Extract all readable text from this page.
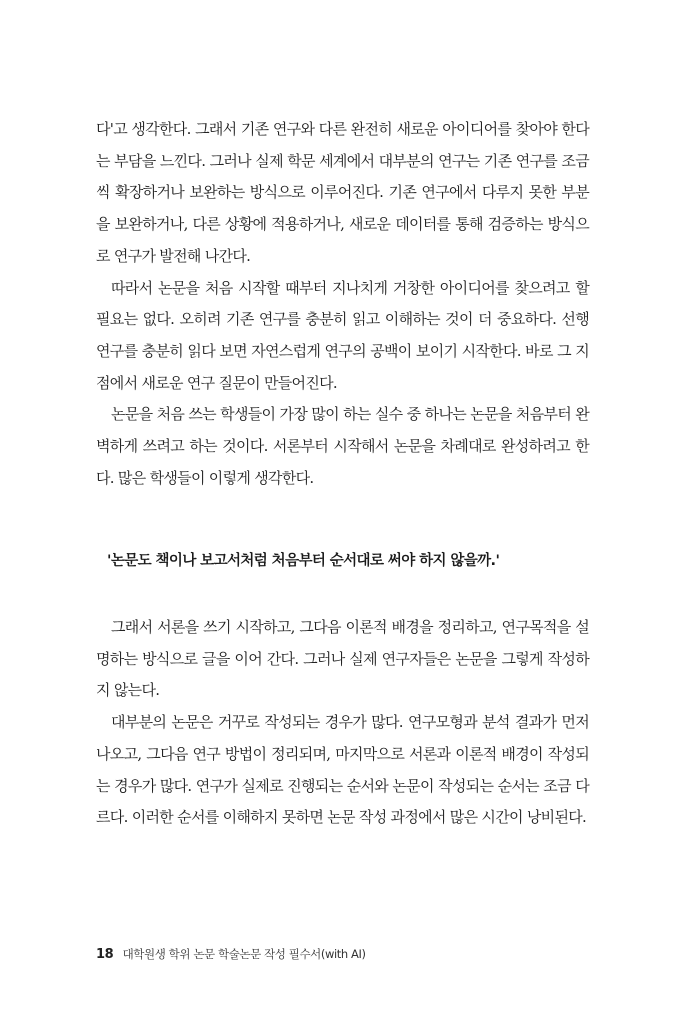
다'고 생각한다. 그래서 기존 연구와 다른 완전히 새로운 아이디어를 찾아야 한다는 부담을 느낀다. 그러나 실제 학문 세계에서 대부분의 연구는 기존 연구를 조금씩 확장하거나 보완하는 방식으로 이루어진다. 기존 연구에서 다루지 못한 부분을 보완하거나, 다른 상황에 적용하거나, 새로운 데이터를 통해 검증하는 방식으로 연구가 발전해 나간다.

따라서 논문을 처음 시작할 때부터 지나치게 거창한 아이디어를 찾으려고 할 필요는 없다. 오히려 기존 연구를 충분히 읽고 이해하는 것이 더 중요하다. 선행연구를 충분히 읽다 보면 자연스럽게 연구의 공백이 보이기 시작한다. 바로 그 지점에서 새로운 연구 질문이 만들어진다.

논문을 처음 쓰는 학생들이 가장 많이 하는 실수 중 하나는 논문을 처음부터 완벽하게 쓰려고 하는 것이다. 서론부터 시작해서 논문을 차례대로 완성하려고 한다. 많은 학생들이 이렇게 생각한다.

'논문도 책이나 보고서처럼 처음부터 순서대로 써야 하지 않을까.'

그래서 서론을 쓰기 시작하고, 그다음 이론적 배경을 정리하고, 연구목적을 설명하는 방식으로 글을 이어 간다. 그러나 실제 연구자들은 논문을 그렇게 작성하지 않는다.

대부분의 논문은 거꾸로 작성되는 경우가 많다. 연구모형과 분석 결과가 먼저 나오고, 그다음 연구 방법이 정리되며, 마지막으로 서론과 이론적 배경이 작성되는 경우가 많다. 연구가 실제로 진행되는 순서와 논문이 작성되는 순서는 조금 다르다. 이러한 순서를 이해하지 못하면 논문 작성 과정에서 많은 시간이 낭비된다.

18 대학원생 학위 논문 학술논문 작성 필수서(with AI)
